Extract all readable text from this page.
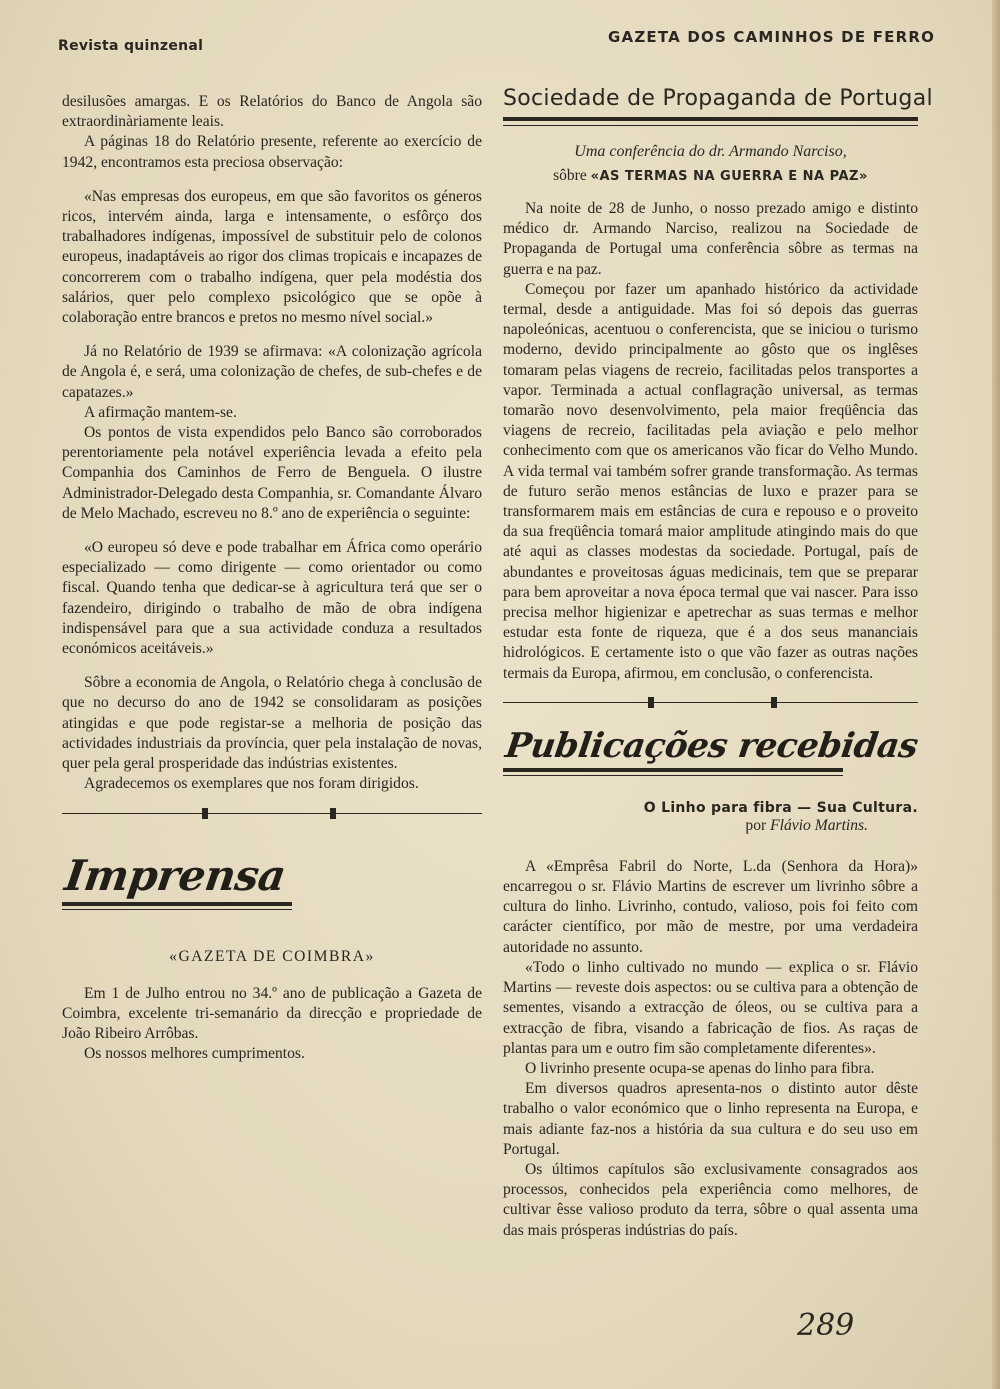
Revista quinzenal	GAZETA DOS CAMINHOS DE FERRO

desilusões amargas. E os Relatórios do Banco de Angola são extraordinàriamente leais.

A páginas 18 do Relatório presente, referente ao exercício de 1942, encontramos esta preciosa observação:

«Nas empresas dos europeus, em que são favoritos os géneros ricos, intervém ainda, larga e intensamente, o esfôrço dos trabalhadores indígenas, impossível de substituir pelo de colonos europeus, inadaptáveis ao rigor dos climas tropicais e incapazes de concorrerem com o trabalho indígena, quer pela modéstia dos salários, quer pelo complexo psicológico que se opõe à colaboração entre brancos e pretos no mesmo nível social.»

Já no Relatório de 1939 se afirmava: «A colonização agrícola de Angola é, e será, uma colonização de chefes, de sub-chefes e de capatazes.»

A afirmação mantem-se.

Os pontos de vista expendidos pelo Banco são corroborados perentoriamente pela notável experiência levada a efeito pela Companhia dos Caminhos de Ferro de Benguela. O ilustre Administrador-Delegado desta Companhia, sr. Comandante Álvaro de Melo Machado, escreveu no 8.º ano de experiência o seguinte:

«O europeu só deve e pode trabalhar em África como operário especializado — como dirigente — como orientador ou como fiscal. Quando tenha que dedicar-se à agricultura terá que ser o fazendeiro, dirigindo o trabalho de mão de obra indígena indispensável para que a sua actividade conduza a resultados económicos aceitáveis.»

Sôbre a economia de Angola, o Relatório chega à conclusão de que no decurso do ano de 1942 se consolidaram as posições atingidas e que pode registar-se a melhoria de posição das actividades industriais da província, quer pela instalação de novas, quer pela geral prosperidade das indústrias existentes.

Agradecemos os exemplares que nos foram dirigidos.

Imprensa
«GAZETA DE COIMBRA»

Em 1 de Julho entrou no 34.º ano de publicação a Gazeta de Coimbra, excelente tri-semanário da direcção e propriedade de João Ribeiro Arrôbas.

Os nossos melhores cumprimentos.

Sociedade de Propaganda de Portugal
Uma conferência do dr. Armando Narciso,
sôbre «AS TERMAS NA GUERRA E NA PAZ»

Na noite de 28 de Junho, o nosso prezado amigo e distinto médico dr. Armando Narciso, realizou na Sociedade de Propaganda de Portugal uma conferência sôbre as termas na guerra e na paz.

Começou por fazer um apanhado histórico da actividade termal, desde a antiguidade. Mas foi só depois das guerras napoleónicas, acentuou o conferencista, que se iniciou o turismo moderno, devido principalmente ao gôsto que os inglêses tomaram pelas viagens de recreio, facilitadas pelos transportes a vapor. Terminada a actual conflagração universal, as termas tomarão novo desenvolvimento, pela maior freqüência das viagens de recreio, facilitadas pela aviação e pelo melhor conhecimento com que os americanos vão ficar do Velho Mundo. A vida termal vai também sofrer grande transformação. As termas de futuro serão menos estâncias de luxo e prazer para se transformarem mais em estâncias de cura e repouso e o proveito da sua freqüência tomará maior amplitude atingindo mais do que até aqui as classes modestas da sociedade. Portugal, país de abundantes e proveitosas águas medicinais, tem que se preparar para bem aproveitar a nova época termal que vai nascer. Para isso precisa melhor higienizar e apetrechar as suas termas e melhor estudar esta fonte de riqueza, que é a dos seus mananciais hidrológicos. E certamente isto o que vão fazer as outras nações termais da Europa, afirmou, em conclusão, o conferencista.

Publicações recebidas
O Linho para fibra — Sua Cultura.
por Flávio Martins.

A «Emprêsa Fabril do Norte, L.da (Senhora da Hora)» encarregou o sr. Flávio Martins de escrever um livrinho sôbre a cultura do linho. Livrinho, contudo, valioso, pois foi feito com carácter científico, por mão de mestre, por uma verdadeira autoridade no assunto.

«Todo o linho cultivado no mundo — explica o sr. Flávio Martins — reveste dois aspectos: ou se cultiva para a obtenção de sementes, visando a extracção de óleos, ou se cultiva para a extracção de fibra, visando a fabricação de fios. As raças de plantas para um e outro fim são completamente diferentes».

O livrinho presente ocupa-se apenas do linho para fibra.

Em diversos quadros apresenta-nos o distinto autor dêste trabalho o valor económico que o linho representa na Europa, e mais adiante faz-nos a história da sua cultura e do seu uso em Portugal.

Os últimos capítulos são exclusivamente consagrados aos processos, conhecidos pela experiência como melhores, de cultivar êsse valioso produto da terra, sôbre o qual assenta uma das mais prósperas indústrias do país.

289
